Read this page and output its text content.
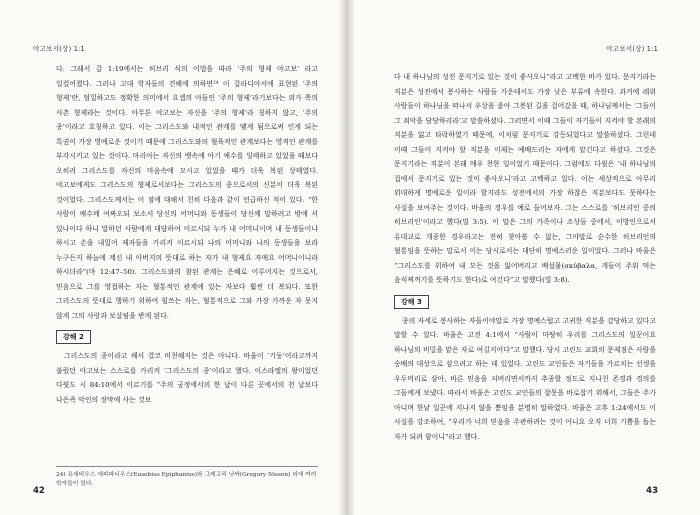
야고보서(상) 1:1

다. 그래서 갈 1:19에서는 히브리 식의 어법을 따라 ‘주의 형제 야고보’ 라고 일컬어졌다. 그러나 고대 학자들의 견해에 의하면²⁴ 이 갈라디아서에 표현된 ‘주의 형제’란, 엄밀하고도 정확한 의미에서 요셉의 아들인 ‘주의 형제’라기보다는 외가 쪽의 사촌 형제라는 것이다. 아무튼 야고보는 자신을 ‘주의 형제’라 칭하지 않고, ‘주의 종’이라고 호칭하고 있다. 이는 그리스도와 내적인 관계를 맺게 됨으로써 인게 되는 특권이 가장 영예로운 것이기 때문에 그리스도와의 혈육적인 관계보다는 영적인 관계를 부각시키고 있는 것이다. 마리아는 자신의 뱃속에 아기 예수를 잉태하고 있었을 때보다 오히려 그리스도를 자신의 마음속에 모시고 있었을 때가 더욱 복된 상태였다. 야고보에게도 그리스도의 형제로서보다는 그리스도의 종으로서의 신분이 더욱 복된 것이었다. 그리스도께서는 이 점에 대해서 친히 다음과 같이 언급하신 적이 있다. “한 사람이 예수께 여짜오되 보소서 당신의 어머니와 동생들이 당신께 말하려고 밖에 서 있나이다 하니 말하던 사람에게 대답하여 이르시되 누가 내 어머니이며 내 동생들이냐 하시고 손을 내밀어 제자들을 가리켜 이르시되 나의 어머니와 나의 동생들을 보라 누구든지 하늘에 계신 내 아버지의 뜻대로 하는 자가 내 형제요 자매요 어머니이니라 하시더라”(마 12:47–50). 그리스도와의 참된 관계는 은혜로 이루어지는 것으로서, 믿음으로 그를 영접하는 자는 혈통적인 관계에 있는 자보다 훨씬 더 복되다. 또한 그리스도의 뜻대로 행하기 위하여 힘쓰는 자는, 혈통적으로 그와 가장 가까운 자 못지 않게 그의 사랑과 보살핌을 받게 된다.

강해 2

그리스도의 종이라고 해서 결코 비천해지는 것은 아니다. 바울이 ‘기둥’이라고까지 불렀던 야고보는 스스로를 가리켜 ‘그리스도의 종’이라고 했다. 이스라엘의 왕이었던 다윗도 시 84:10에서 이르기를 “주의 궁정에서의 한 날이 다른 곳에서의 천 날보다 나은즉 악인의 장막에 사는 것보

24) 유세비우스 에피파니우스(Eusebius Epiphanius)와 그레고리 닛싸(Gregory Nissen) 외에 여러 학자들이 있다.
42
야고보서(상) 1:1

다 내 하나님의 성전 문지기로 있는 것이 좋사오니”라고 고백한 바가 있다. 문지기라는 직분은 성전에서 봉사하는 사람들 가운데서도 가장 낮은 부류에 속한다. 과거에 레위 사람들이 하나님을 떠나서 우상을 좇아 그릇된 길을 걸어갔을 때, 하나님께서는 ‘그들이 그 죄악을 담당하리라’고 말씀하셨다. 그러면서 이때 그들이 자기들이 지켜야 할 본래의 직분을 잃고 타락하였기 때문에, 이처럼 문지기로 강등되었다고 말씀하셨다. 그런데 이때 그들이 지켜야 할 직분을 이제는 예배드리는 자에게 맡긴다고 하셨다. 그것은 문지기라는 직분이 본래 매우 천한 일이었기 때문이다. 그럼에도 다윗은 ‘내 하나님의 집에서 문지기로 있는 것이 좋사오니’라고 고백하고 있다. 이는 세상적으로 아무리 위대하게 명예로운 일이라 할지라도 성전에서의 가장 하찮은 직분보다도 못하다는 사실을 보여주는 것이다. 바울의 경우를 예로 들어보자. 그는 스스로를 ‘히브리인 중의 히브리인’이라고 했다(빌 3:5). 이 말은 그의 가족이나 조상들 중에서, 이방인으로서 유대교로 개종한 경우라고는 전혀 찾아볼 수 없는, 그야말로 순수한 히브리인의 혈통임을 뜻하는 말로서 이는 당시로서는 대단히 명예스러운 일이었다. 그러나 바울은 “그리스도를 위하여 내 모든 것을 잃어버리고 배설물(σκύβαλα, 개들이 주워 먹는 음식찌꺼기를 뜻하기도 한다)로 여긴다”고 말했다(빌 3:8).

강해 3

종의 자세로 봉사하는 자들이야말로 가장 명예스럽고 고귀한 직분을 감당하고 있다고 말할 수 있다. 바울은 고전 4:1에서 “사람이 마땅히 우리를 그리스도의 일꾼이요 하나님의 비밀을 맡은 자로 여길지어다”고 말했다. 당시 고린도 교회의 문제점은 사람을 숭배의 대상으로 삼으려고 하는 데 있었다. 고린도 교인들은 자기들을 가르치는 선생을 우두머리로 삼아, 바른 믿음을 저버리면서까지 추종할 정도로 지나친 존경과 경의를 그들에게 보냈다. 따라서 바울은 고린도 교인들의 잘못을 바로잡기 위해서, 그들은 주가 아니며 한낱 일꾼에 지나지 않을 뿐임을 분명히 말하였다. 바울은 고후 1:24에서도 이 사실을 강조하여, “우리가 너희 믿음을 주관하려는 것이 아니요 오직 너희 기쁨을 돕는 자가 되려 함이니”라고 했다.

43
